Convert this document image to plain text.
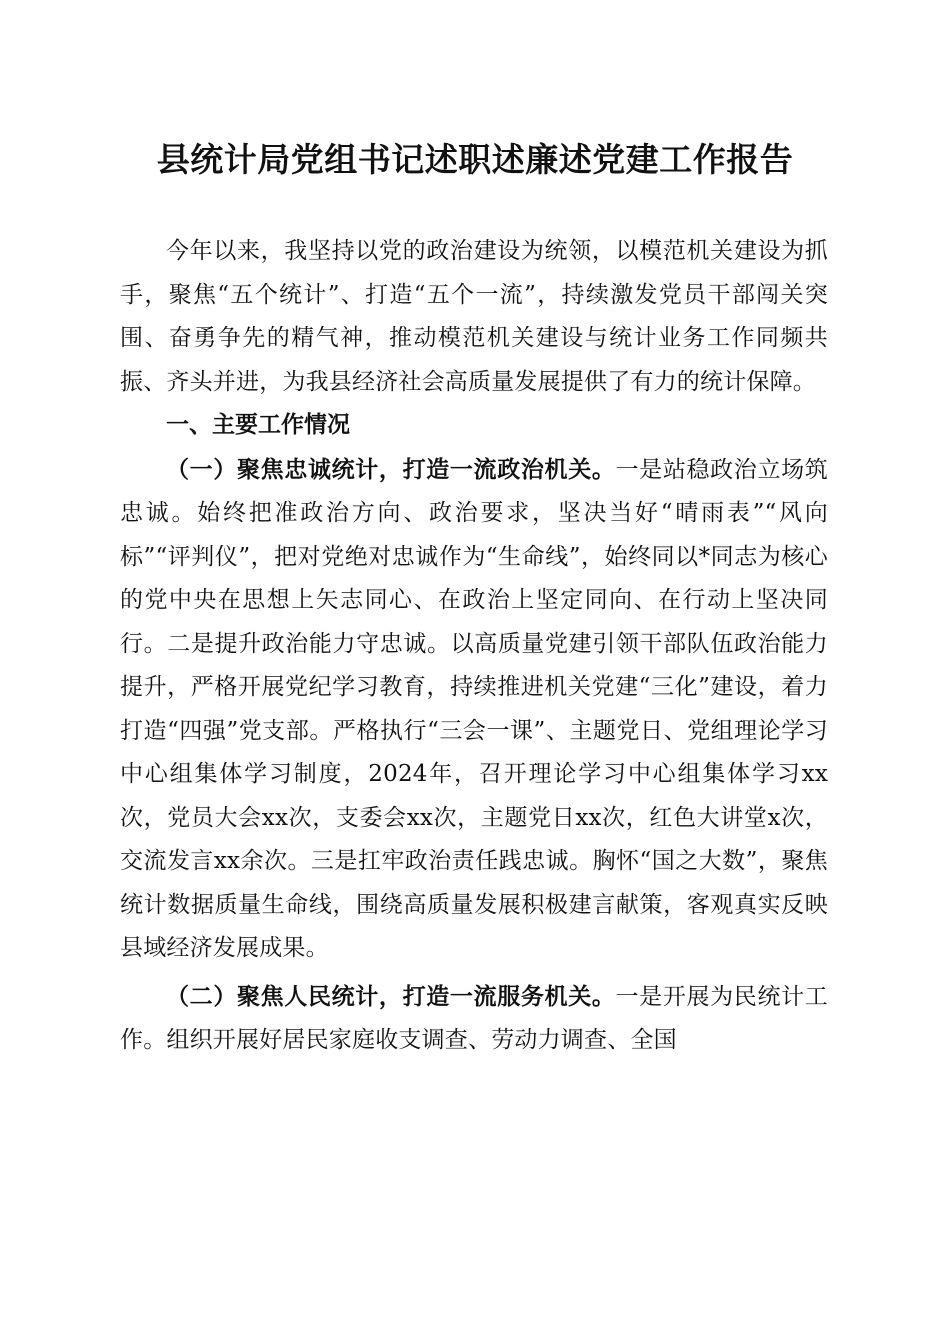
县统计局党组书记述职述廉述党建工作报告

今年以来，我坚持以党的政治建设为统领，以模范机关建设为抓手，聚焦“五个统计”、打造“五个一流”，持续激发党员干部闯关突围、奋勇争先的精气神，推动模范机关建设与统计业务工作同频共振、齐头并进，为我县经济社会高质量发展提供了有力的统计保障。

一、主要工作情况

（一）聚焦忠诚统计，打造一流政治机关。一是站稳政治立场筑忠诚。始终把准政治方向、政治要求，坚决当好“晴雨表”“风向标”“评判仪”，把对党绝对忠诚作为“生命线”，始终同以*同志为核心的党中央在思想上矢志同心、在政治上坚定同向、在行动上坚决同行。二是提升政治能力守忠诚。以高质量党建引领干部队伍政治能力提升，严格开展党纪学习教育，持续推进机关党建“三化”建设，着力打造“四强”党支部。严格执行“三会一课”、主题党日、党组理论学习中心组集体学习制度，2024年，召开理论学习中心组集体学习xx次，党员大会xx次，支委会xx次，主题党日xx次，红色大讲堂x次，交流发言xx余次。三是扛牢政治责任践忠诚。胸怀“国之大数”，聚焦统计数据质量生命线，围绕高质量发展积极建言献策，客观真实反映县域经济发展成果。

（二）聚焦人民统计，打造一流服务机关。一是开展为民统计工作。组织开展好居民家庭收支调查、劳动力调查、全国
